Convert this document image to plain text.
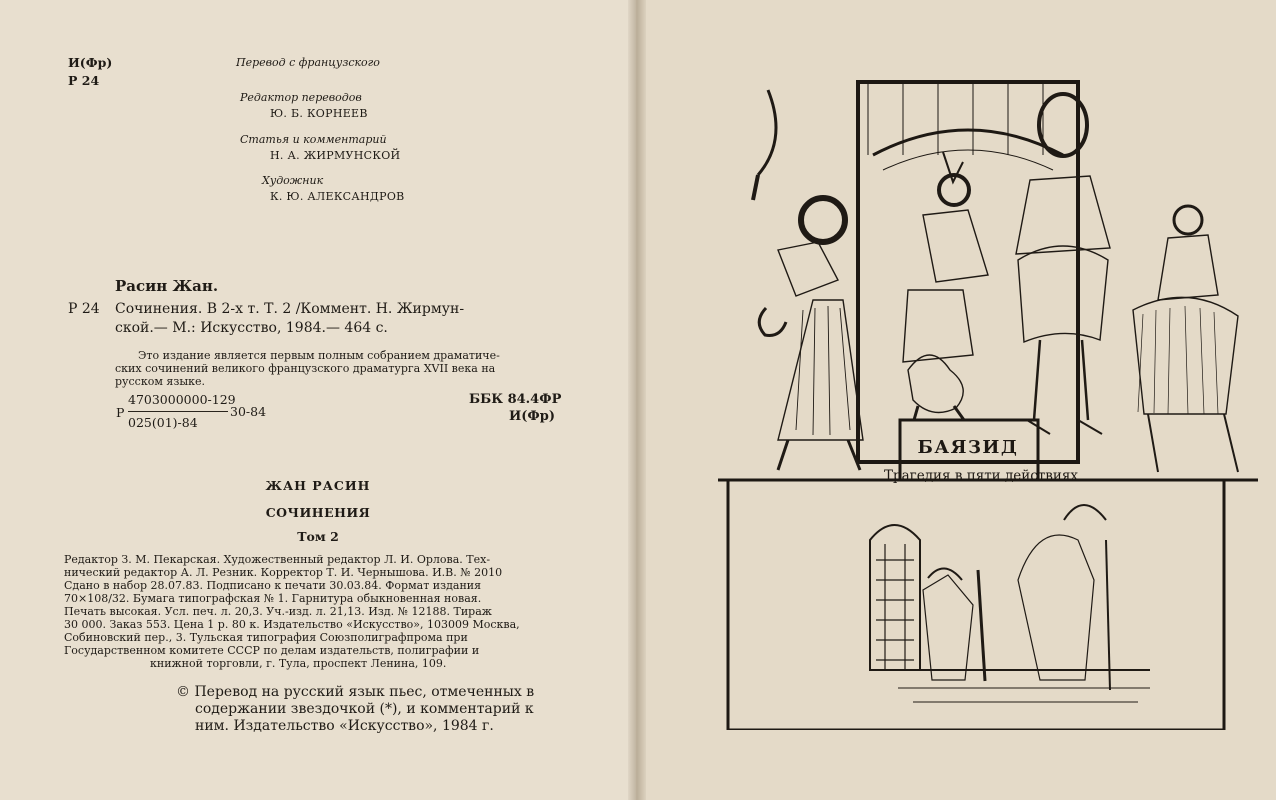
И(Фр)
Р 24
Перевод с французского
Редактор переводов
Ю. Б. КОРНЕЕВ
Статья и комментарий
Н. А. ЖИРМУНСКОЙ
Художник
К. Ю. АЛЕКСАНДРОВ
Расин Жан.
Р 24 Сочинения. В 2-х т. Т. 2 /Коммент. Н. Жирмун-
ской.— М.: Искусство, 1984.— 464 с.
Это издание является первым полным собранием драматиче-
ских сочинений великого французского драматурга XVII века на
русском языке.
Р
4703000000-129
30-84
025(01)-84
ББК 84.4ФР
И(Фр)
ЖАН РАСИН
СОЧИНЕНИЯ
Том 2
Редактор З. М. Пекарская. Художественный редактор Л. И. Орлова. Тех-
нический редактор А. Л. Резник. Корректор Т. И. Чернышова. И.В. № 2010
Сдано в набор 28.07.83. Подписано к печати 30.03.84. Формат издания
70×108/32. Бумага типографская № 1. Гарнитура обыкновенная новая.
Печать высокая. Усл. печ. л. 20,3. Уч.-изд. л. 21,13. Изд. № 12188. Тираж
30 000. Заказ 553. Цена 1 р. 80 к. Издательство «Искусство», 103009 Москва,
Собиновский пер., 3. Тульская типография Союзполиграфпрома при
Государственном комитете СССР по делам издательств, полиграфии и
книжной торговли, г. Тула, проспект Ленина, 109.
© Перевод на русский язык пьес, отмеченных в
содержании звездочкой (*), и комментарий к
ним. Издательство «Искусство», 1984 г.
БАЯЗИД
Трагедия в пяти действиях
